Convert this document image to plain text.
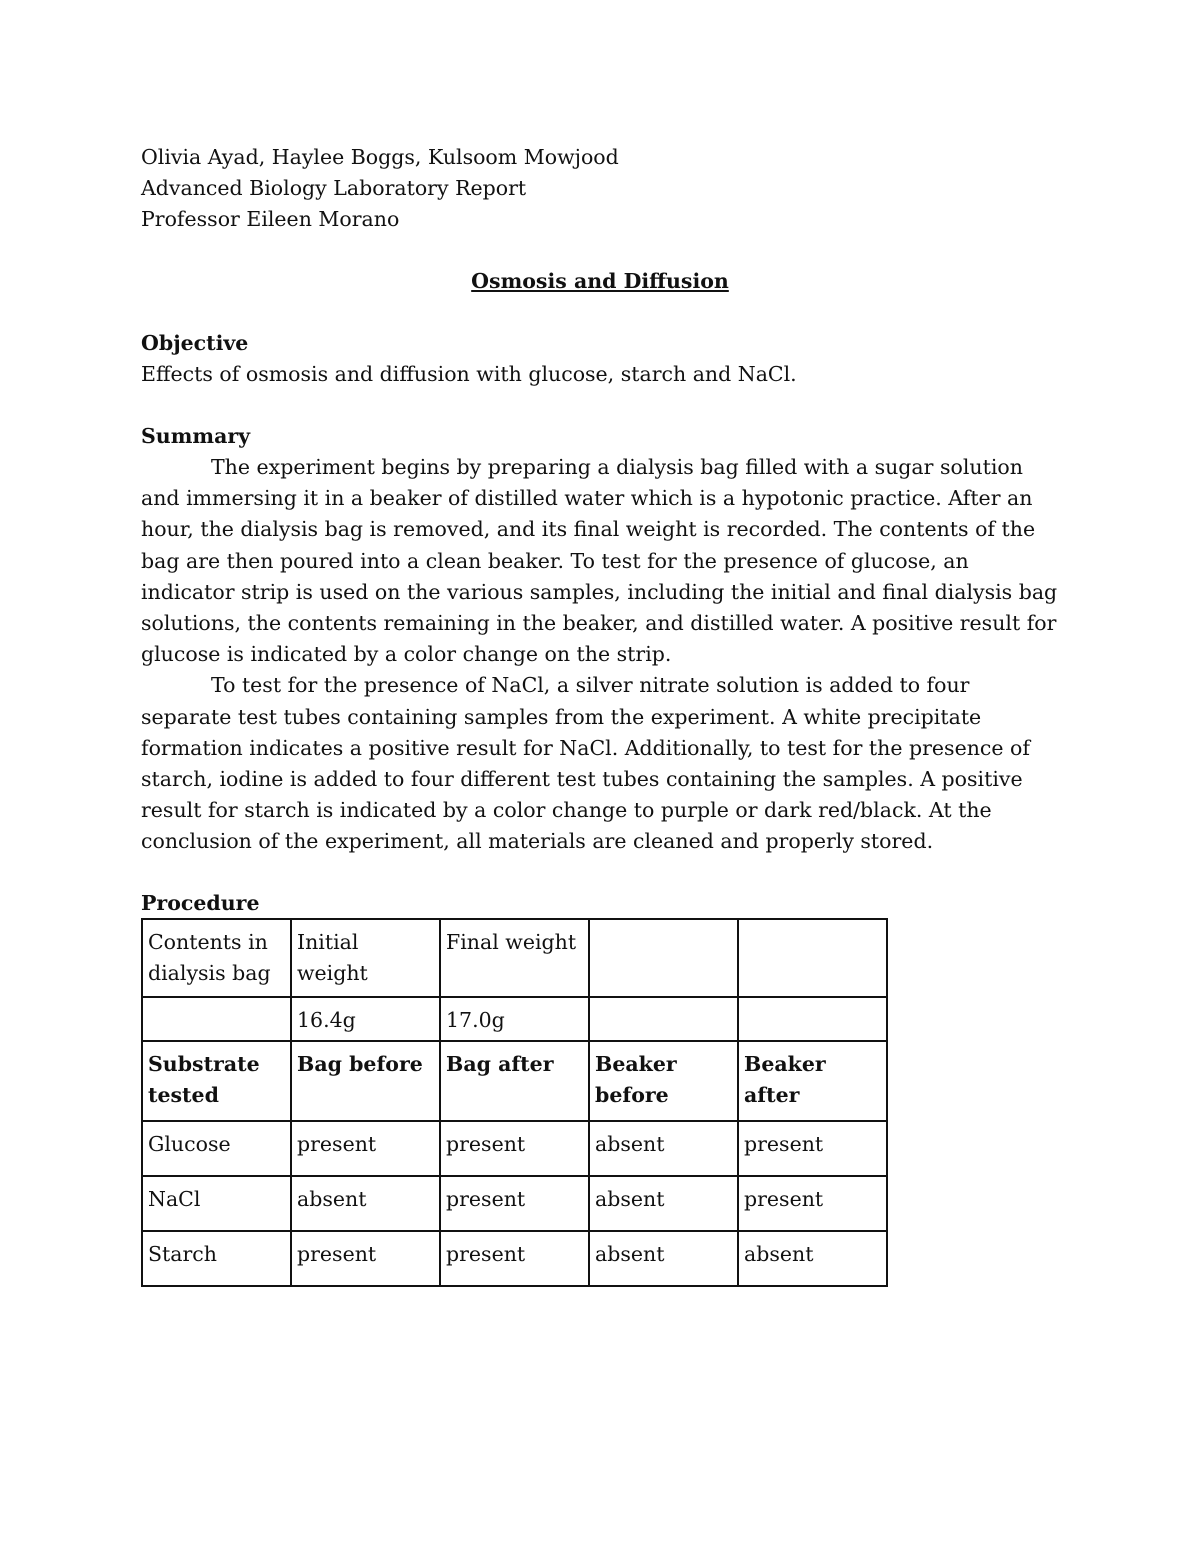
Olivia Ayad, Haylee Boggs, Kulsoom Mowjood
Advanced Biology Laboratory Report
Professor Eileen Morano
Osmosis and Diffusion
Objective
Effects of osmosis and diffusion with glucose, starch and NaCl.
Summary

The experiment begins by preparing a dialysis bag filled with a sugar solution and immersing it in a beaker of distilled water which is a hypotonic practice. After an hour, the dialysis bag is removed, and its final weight is recorded. The contents of the bag are then poured into a clean beaker. To test for the presence of glucose, an indicator strip is used on the various samples, including the initial and final dialysis bag solutions, the contents remaining in the beaker, and distilled water. A positive result for glucose is indicated by a color change on the strip.

To test for the presence of NaCl, a silver nitrate solution is added to four separate test tubes containing samples from the experiment. A white precipitate formation indicates a positive result for NaCl. Additionally, to test for the presence of starch, iodine is added to four different test tubes containing the samples. A positive result for starch is indicated by a color change to purple or dark red/black. At the conclusion of the experiment, all materials are cleaned and properly stored.

Procedure
Contents in dialysis bag	Initial weight	Final weight		
	16.4g	17.0g		
Substrate tested	Bag before	Bag after	Beaker before	Beaker after
Glucose	present	present	absent	present
NaCl	absent	present	absent	present
Starch	present	present	absent	absent
